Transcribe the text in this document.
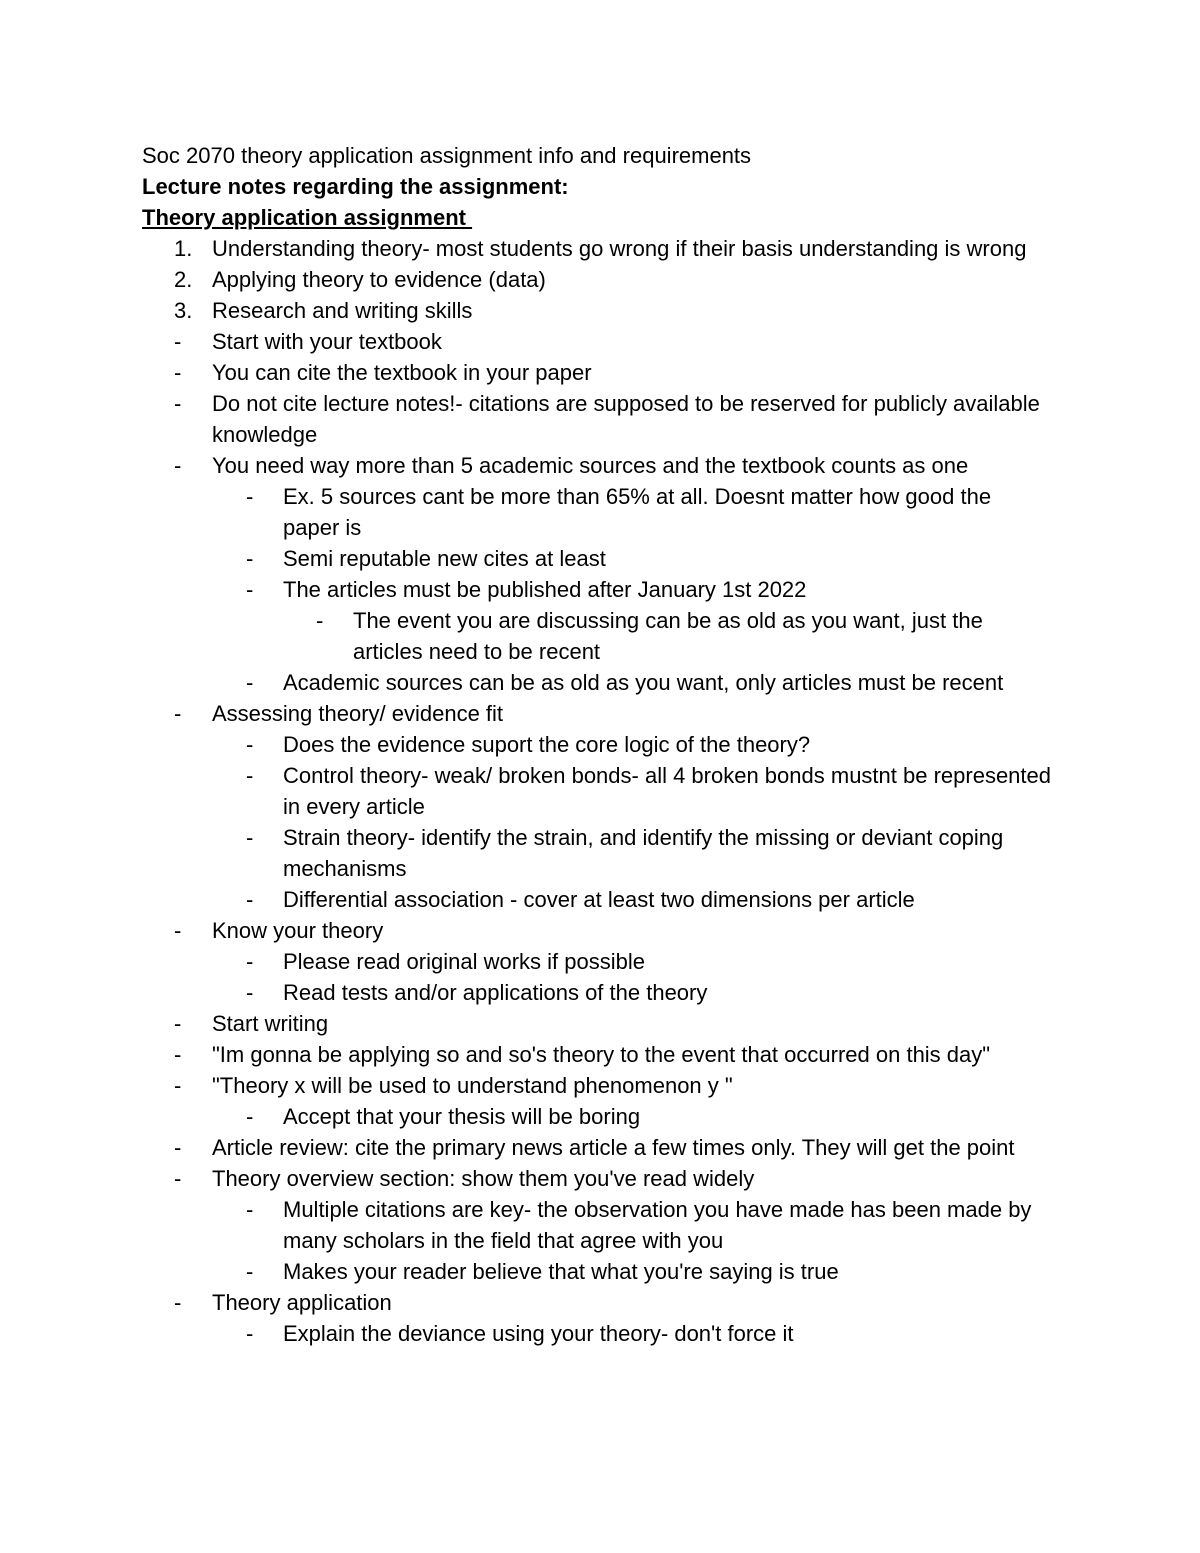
Soc 2070 theory application assignment info and requirements
Lecture notes regarding the assignment:
Theory application assignment
1. Understanding theory- most students go wrong if their basis understanding is wrong
2. Applying theory to evidence (data)
3. Research and writing skills
- Start with your textbook
- You can cite the textbook in your paper
- Do not cite lecture notes!- citations are supposed to be reserved for publicly available knowledge
- You need way more than 5 academic sources and the textbook counts as one
- Ex. 5 sources cant be more than 65% at all. Doesnt matter how good the paper is
- Semi reputable new cites at least
- The articles must be published after January 1st 2022
- The event you are discussing can be as old as you want, just the articles need to be recent
- Academic sources can be as old as you want, only articles must be recent
- Assessing theory/ evidence fit
- Does the evidence suport the core logic of the theory?
- Control theory- weak/ broken bonds- all 4 broken bonds mustnt be represented in every article
- Strain theory- identify the strain, and identify the missing or deviant coping mechanisms
- Differential association - cover at least two dimensions per article
- Know your theory
- Please read original works if possible
- Read tests and/or applications of the theory
- Start writing
- "Im gonna be applying so and so's theory to the event that occurred on this day"
- "Theory x will be used to understand phenomenon y "
- Accept that your thesis will be boring
- Article review: cite the primary news article a few times only. They will get the point
- Theory overview section: show them you've read widely
- Multiple citations are key- the observation you have made has been made by many scholars in the field that agree with you
- Makes your reader believe that what you're saying is true
- Theory application
- Explain the deviance using your theory- don't force it
